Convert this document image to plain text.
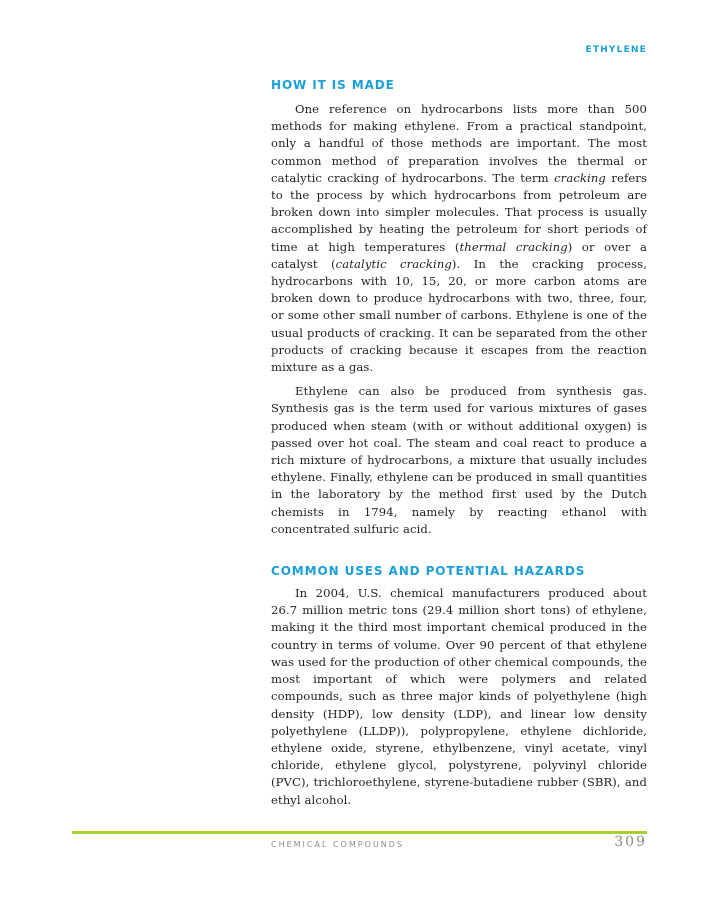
ETHYLENE
HOW IT IS MADE

One reference on hydrocarbons lists more than 500 methods for making ethylene. From a practical standpoint, only a handful of those methods are important. The most common method of preparation involves the thermal or catalytic cracking of hydrocarbons. The term cracking refers to the process by which hydrocarbons from petroleum are broken down into simpler molecules. That process is usually accomplished by heating the petroleum for short periods of time at high temperatures (thermal cracking) or over a catalyst (catalytic cracking). In the cracking process, hydrocarbons with 10, 15, 20, or more carbon atoms are broken down to produce hydrocarbons with two, three, four, or some other small number of carbons. Ethylene is one of the usual products of cracking. It can be separated from the other products of cracking because it escapes from the reaction mixture as a gas.

Ethylene can also be produced from synthesis gas. Synthesis gas is the term used for various mixtures of gases produced when steam (with or without additional oxygen) is passed over hot coal. The steam and coal react to produce a rich mixture of hydrocarbons, a mixture that usually includes ethylene. Finally, ethylene can be produced in small quantities in the laboratory by the method first used by the Dutch chemists in 1794, namely by reacting ethanol with concentrated sulfuric acid.

COMMON USES AND POTENTIAL HAZARDS

In 2004, U.S. chemical manufacturers produced about 26.7 million metric tons (29.4 million short tons) of ethylene, making it the third most important chemical produced in the country in terms of volume. Over 90 percent of that ethylene was used for the production of other chemical compounds, the most important of which were polymers and related compounds, such as three major kinds of polyethylene (high density (HDP), low density (LDP), and linear low density polyethylene (LLDP)), polypropylene, ethylene dichloride, ethylene oxide, styrene, ethylbenzene, vinyl acetate, vinyl chloride, ethylene glycol, polystyrene, polyvinyl chloride (PVC), trichloroethylene, styrene-butadiene rubber (SBR), and ethyl alcohol.

CHEMICAL COMPOUNDS	309
